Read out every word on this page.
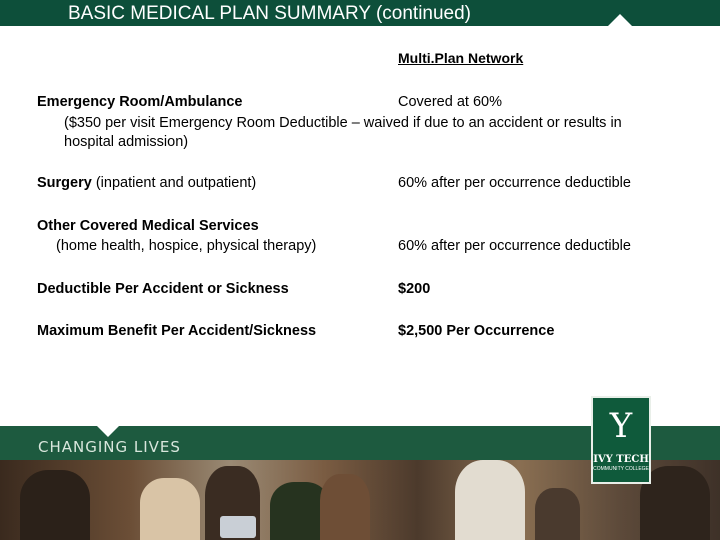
BASIC MEDICAL PLAN SUMMARY (continued)
Multi.Plan Network
Emergency Room/Ambulance	Covered at 60%
($350 per visit Emergency Room Deductible – waived if due to an accident or results in
hospital admission)
Surgery (inpatient and outpatient)	60% after per occurrence deductible
Other Covered Medical Services
(home health, hospice, physical therapy)	60% after per occurrence deductible
Deductible Per Accident or Sickness	$200
Maximum Benefit Per Accident/Sickness	$2,500 Per Occurrence
CHANGING LIVES
Y
IVY TECH
COMMUNITY COLLEGE
